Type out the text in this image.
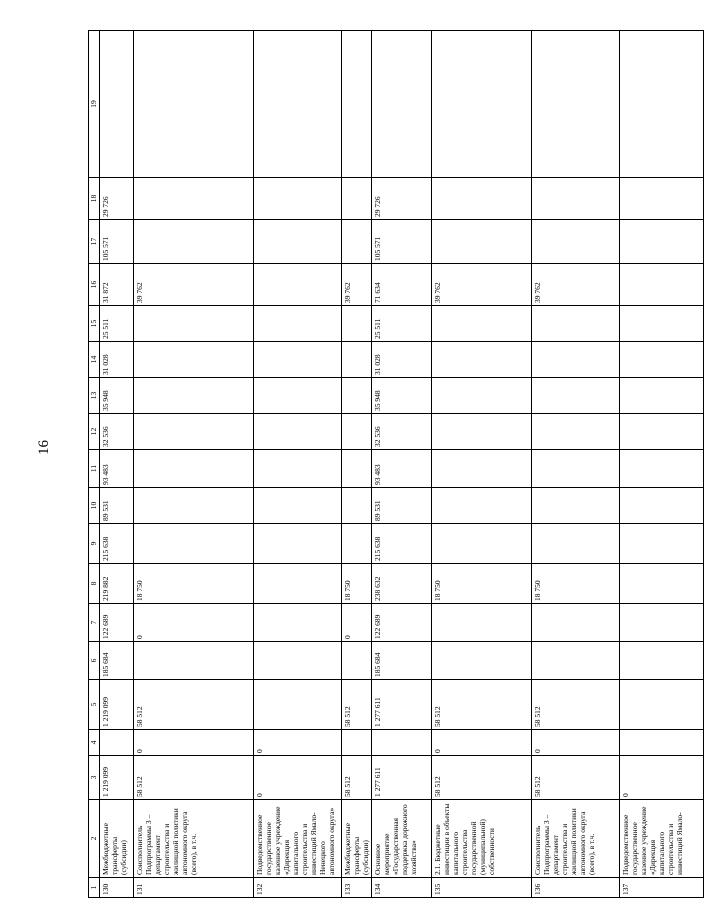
16
1	2	3	4	5	6	7	8	9	10	11	12	13	14	15	16	17	18	19
130	Межбюджетные трансферты (субсидии)	1 219 099		1 219 099	185 684	122 689	219 882	215 638	89 531	93 483	32 536	35 948	31 028	25 511	31 872	105 571	29 726	
131	Соисполнитель Подпрограммы 3 – департамент строительства и жилищной политики автономного округа (всего), в т.ч.	58 512	0	58 512		0	18 750								39 762			
132	Подведомственное государственное казенное учреждение «Дирекция капитального строительства и инвестиций Ямало-Ненецкого автономного округа»	0	0															
133	Межбюджетные трансферты (субсидии)	58 512		58 512		0	18 750								39 762			
134	Основное мероприятие «Государственная поддержка дорожного хозяйства»	1 277 611		1 277 611	185 684	122 689	238 632	215 638	89 531	93 483	32 536	35 948	31 028	25 511	71 634	105 571	29 726	
135	2.1. Бюджетные инвестиции в объекты капитального строительства государственной (муниципальной) собственности	58 512	0	58 512			18 750								39 762			
136	Соисполнитель Подпрограммы 3 – департамент строительства и жилищной политики автономного округа (всего), в т.ч.	58 512	0	58 512			18 750								39 762			
137	Подведомственное государственное казенное учреждение «Дирекция капитального строительства и инвестиций Ямало-	0																
